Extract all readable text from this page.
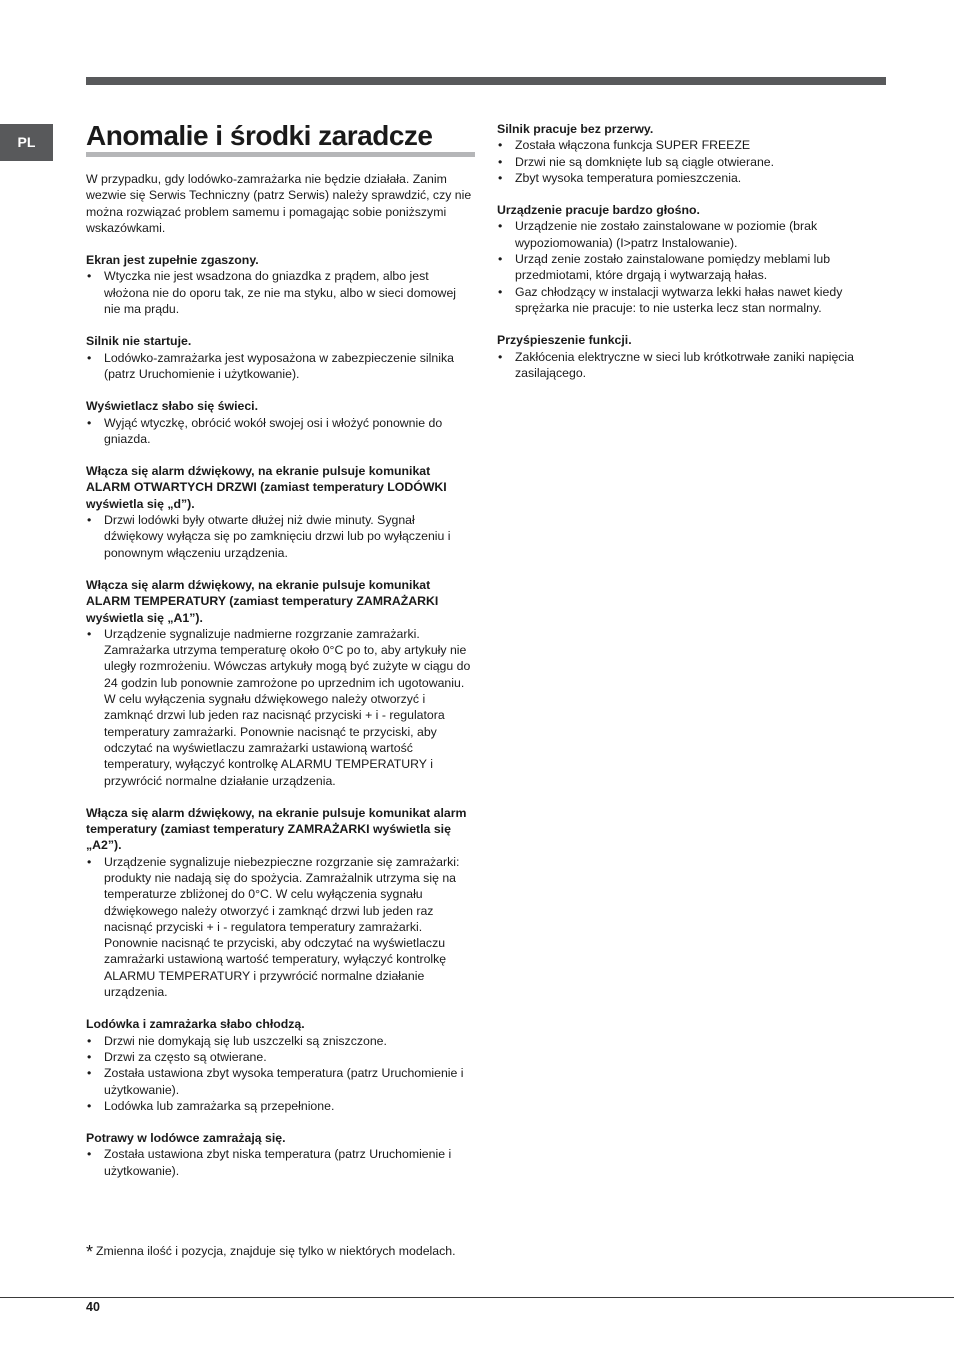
PL	Anomalie i środki zaradcze

W przypadku, gdy lodówko-zamrażarka nie będzie działała. Zanim wezwie się Serwis Techniczny (patrz Serwis) należy sprawdzić, czy nie można rozwiązać problem samemu i pomagając sobie poniższymi wskazówkami.

Ekran jest zupełnie zgaszony.

• Wtyczka nie jest wsadzona do gniazdka z prądem, albo jest włożona nie do oporu tak, ze nie ma styku, albo w sieci domowej nie ma prądu.

Silnik nie startuje.

• Lodówko-zamrażarka jest wyposażona w zabezpieczenie silnika (patrz Uruchomienie i użytkowanie).

Wyświetlacz słabo się świeci.

• Wyjąć wtyczkę, obrócić wokół swojej osi i włożyć ponownie do gniazda.

Włącza się alarm dźwiękowy, na ekranie pulsuje komunikat ALARM OTWARTYCH DRZWI (zamiast temperatury LODÓWKI wyświetla się „d”).

• Drzwi lodówki były otwarte dłużej niż dwie minuty. Sygnał dźwiękowy wyłącza się po zamknięciu drzwi lub po wyłączeniu i ponownym włączeniu urządzenia.

Włącza się alarm dźwiękowy, na ekranie pulsuje komunikat ALARM TEMPERATURY (zamiast temperatury ZAMRAŻARKI wyświetla się „A1”).

• Urządzenie sygnalizuje nadmierne rozgrzanie zamrażarki. Zamrażarka utrzyma temperaturę około 0°C po to, aby artykuły nie uległy rozmrożeniu. Wówczas artykuły mogą być zużyte w ciągu do 24 godzin lub ponownie zamrożone po uprzednim ich ugotowaniu. W celu wyłączenia sygnału dźwiękowego należy otworzyć i zamknąć drzwi lub jeden raz nacisnąć przyciski + i - regulatora temperatury zamrażarki. Ponownie nacisnąć te przyciski, aby odczytać na wyświetlaczu zamrażarki ustawioną wartość temperatury, wyłączyć kontrolkę ALARMU TEMPERATURY i przywrócić normalne działanie urządzenia.

Włącza się alarm dźwiękowy, na ekranie pulsuje komunikat alarm temperatury (zamiast temperatury ZAMRAŻARKI wyświetla się „A2”).

• Urządzenie sygnalizuje niebezpieczne rozgrzanie się zamrażarki: produkty nie nadają się do spożycia. Zamrażalnik utrzyma się na temperaturze zbliżonej do 0°C. W celu wyłączenia sygnału dźwiękowego należy otworzyć i zamknąć drzwi lub jeden raz nacisnąć przyciski + i - regulatora temperatury zamrażarki. Ponownie nacisnąć te przyciski, aby odczytać na wyświetlaczu zamrażarki ustawioną wartość temperatury, wyłączyć kontrolkę ALARMU TEMPERATURY i przywrócić normalne działanie urządzenia.

Lodówka i zamrażarka słabo chłodzą.

• Drzwi nie domykają się lub uszczelki są zniszczone.
• Drzwi za często są otwierane.
• Została ustawiona zbyt wysoka temperatura (patrz Uruchomienie i użytkowanie).
• Lodówka lub zamrażarka są przepełnione.

Potrawy w lodówce zamrażają się.

• Została ustawiona zbyt niska temperatura (patrz Uruchomienie i użytkowanie).

Silnik pracuje bez przerwy.

• Została włączona funkcja SUPER FREEZE
• Drzwi nie są domknięte lub są ciągle otwierane.
• Zbyt wysoka temperatura pomieszczenia.

Urządzenie pracuje bardzo głośno.

• Urządzenie nie zostało zainstalowane w poziomie (brak wypoziomowania) (I>patrz Instalowanie).
• Urząd zenie zostało zainstalowane pomiędzy meblami lub przedmiotami, które drgają i wytwarzają hałas.
• Gaz chłodzący w instalacji wytwarza lekki hałas nawet kiedy sprężarka nie pracuje: to nie usterka lecz stan normalny.

Przyśpieszenie funkcji.

• Zakłócenia elektryczne w sieci lub krótkotrwałe zaniki napięcia zasilającego.
* Zmienna ilość i pozycja, znajduje się tylko w niektórych modelach.
40
